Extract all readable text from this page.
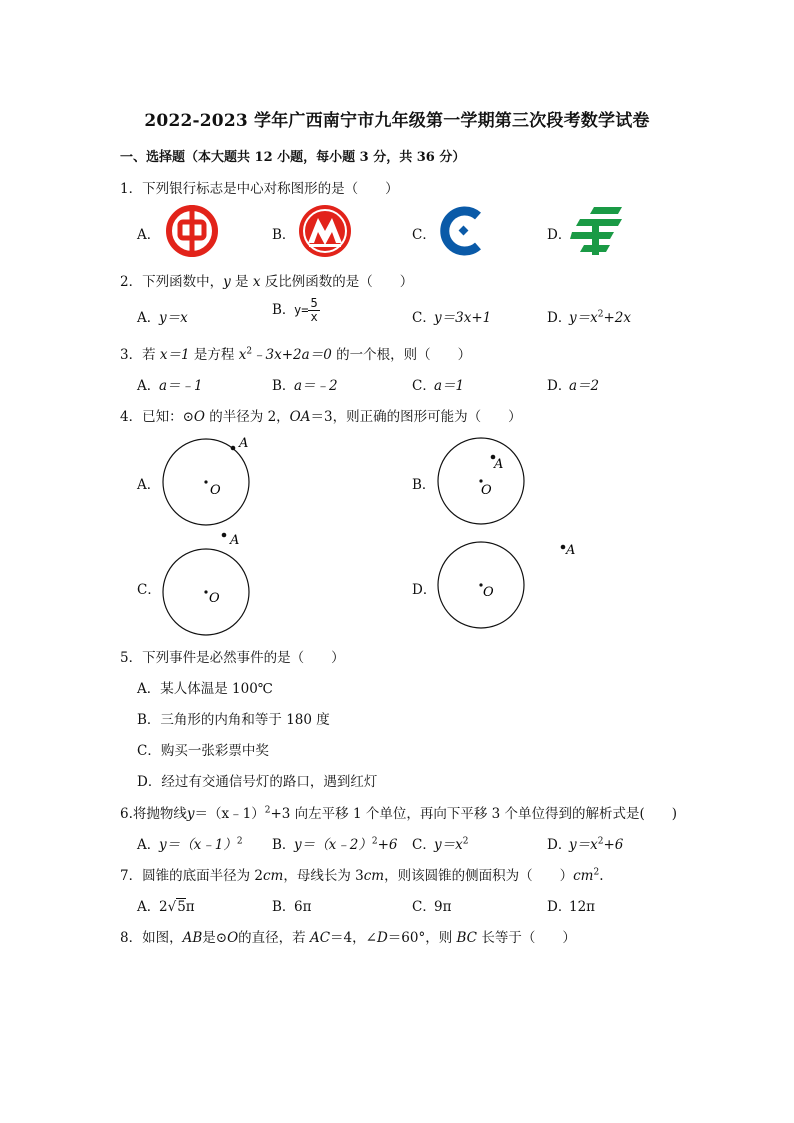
2022-2023 学年广西南宁市九年级第一学期第三次段考数学试卷
一、选择题（本大题共 12 小题，每小题 3 分，共 36 分）
1．下列银行标志是中心对称图形的是（　　）
A．	B．	C．	D．
2．下列函数中，y 是 x 反比例函数的是（　　）
A．y＝x	B．$y= \frac{5}{x}$	C．y＝3x+1	D．$y=x^2+2x$
3．若 x＝1 是方程 $x^2﹣3x+2a=0$ 的一个根，则（　　）
A．a＝﹣1	B．a＝﹣2	C．a＝1	D．a＝2
4．已知：⊙O 的半径为 2，OA＝3，则正确的图形可能为（　　）
A．	O
A
B．	O
A
C．
O
A
D．	O
A
5．下列事件是必然事件的是（　　）
A．某人体温是 100℃
B．三角形的内角和等于 180 度
C．购买一张彩票中奖
D．经过有交通信号灯的路口，遇到红灯
6.将抛物线y＝（x﹣1）$^2$+3 向左平移 1 个单位，再向下平移 3 个单位得到的解析式是(　　)
A．y＝（x﹣1）$^2$ B．y＝（x﹣2）$^2$+6 C．$y=x^2$	D．$y=x^2+6$
7．圆锥的底面半径为 2cm，母线长为 3cm，则该圆锥的侧面积为（　　）$cm^2$.
A．2√5π	B．6π	C．9π	D．12π
8．如图，AB是⊙O的直径，若 AC＝4，∠D＝60°，则 BC 长等于（　　）
